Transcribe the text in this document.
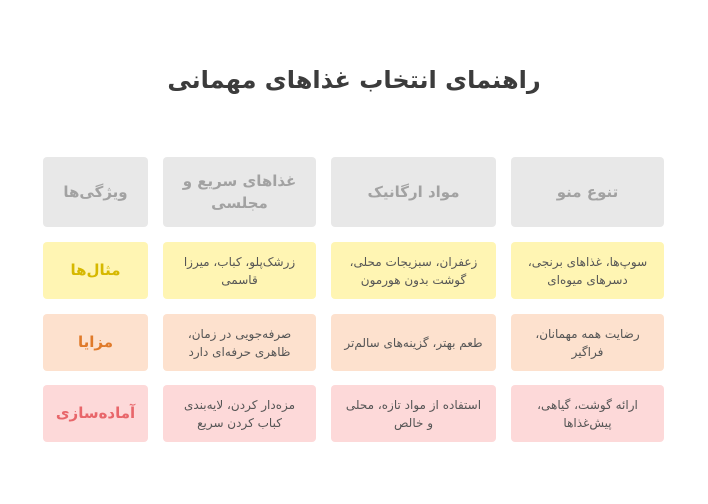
راهنمای انتخاب غذاهای مهمانی
تنوع منو
مواد ارگانیک
غذاهای سریع و مجلسی
ویژگی‌ها
سوپ‌ها، غذاهای برنجی، دسرهای میوه‌ای
زعفران، سبزیجات محلی، گوشت بدون هورمون
زرشک‌پلو، کباب، میرزا قاسمی
مثال‌ها
رضایت همه مهمانان، فراگیر
طعم بهتر، گزینه‌های سالم‌تر
صرفه‌جویی در زمان، ظاهری حرفه‌ای دارد
مزایا
ارائه گوشت، گیاهی، پیش‌غذاها
استفاده از مواد تازه، محلی و خالص
مزه‌دار کردن، لایه‌بندی کباب کردن سریع
آماده‌سازی
